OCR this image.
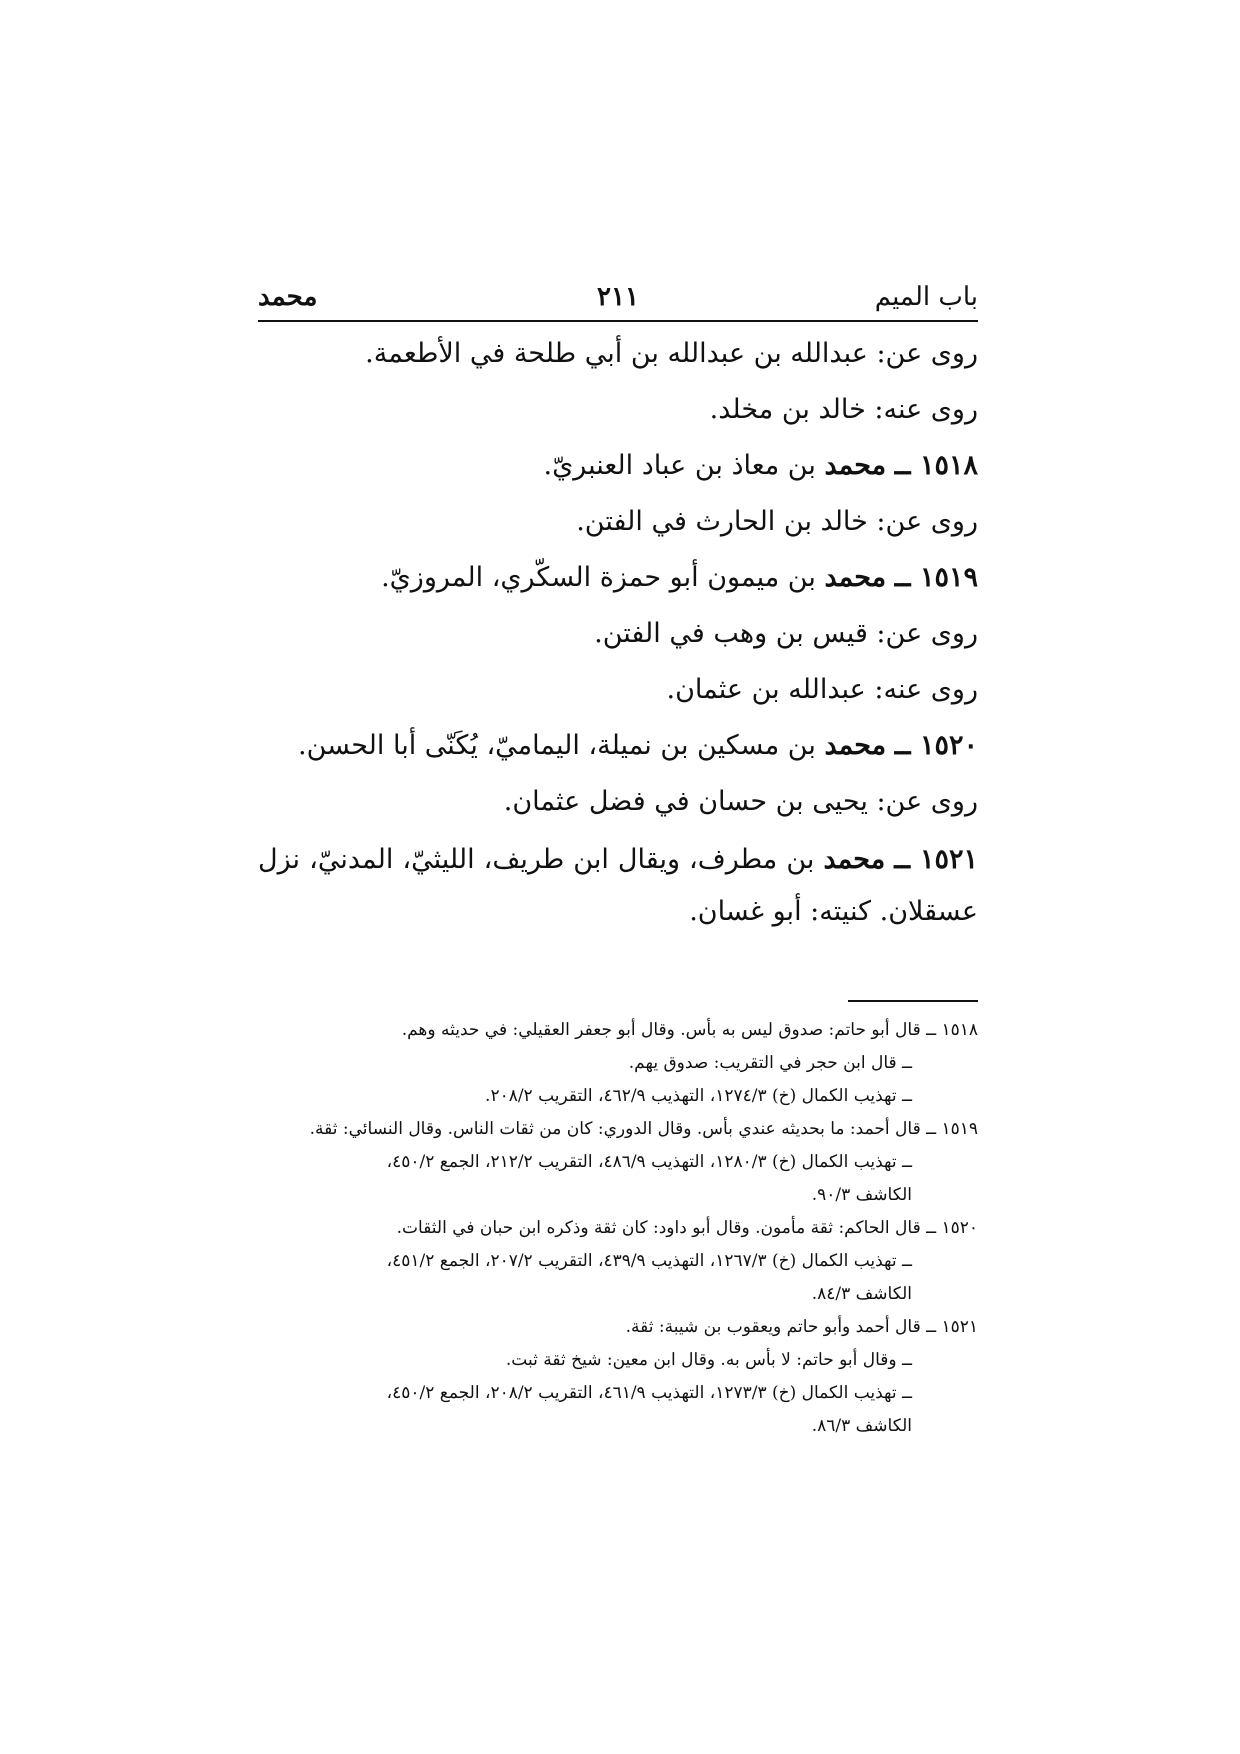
باب الميم
٢١١
محمد
روى عن: عبدالله بن عبدالله بن أبي طلحة في الأطعمة.
روى عنه: خالد بن مخلد.
١٥١٨ ــ محمد بن معاذ بن عباد العنبريّ.
روى عن: خالد بن الحارث في الفتن.
١٥١٩ ــ محمد بن ميمون أبو حمزة السكّري، المروزيّ.
روى عن: قيس بن وهب في الفتن.
روى عنه: عبدالله بن عثمان.
١٥٢٠ ــ محمد بن مسكين بن نميلة، اليماميّ، يُكَنّى أبا الحسن.
روى عن: يحيى بن حسان في فضل عثمان.
١٥٢١ ــ محمد بن مطرف، ويقال ابن طريف، الليثيّ، المدنيّ، نزل عسقلان. كنيته: أبو غسان.
١٥١٨ ــ قال أبو حاتم: صدوق ليس به بأس. وقال أبو جعفر العقيلي: في حديثه وهم.
ــ قال ابن حجر في التقريب: صدوق يهم.
ــ تهذيب الكمال (خ) ١٢٧٤/٣، التهذيب ٤٦٢/٩، التقريب ٢٠٨/٢.
١٥١٩ ــ قال أحمد: ما بحديثه عندي بأس. وقال الدوري: كان من ثقات الناس. وقال النسائي: ثقة.
ــ تهذيب الكمال (خ) ١٢٨٠/٣، التهذيب ٤٨٦/٩، التقريب ٢١٢/٢، الجمع ٤٥٠/٢،
الكاشف ٩٠/٣.
١٥٢٠ ــ قال الحاكم: ثقة مأمون. وقال أبو داود: كان ثقة وذكره ابن حبان في الثقات.
ــ تهذيب الكمال (خ) ١٢٦٧/٣، التهذيب ٤٣٩/٩، التقريب ٢٠٧/٢، الجمع ٤٥١/٢،
الكاشف ٨٤/٣.
١٥٢١ ــ قال أحمد وأبو حاتم ويعقوب بن شيبة: ثقة.
ــ وقال أبو حاتم: لا بأس به. وقال ابن معين: شيخ ثقة ثبت.
ــ تهذيب الكمال (خ) ١٢٧٣/٣، التهذيب ٤٦١/٩، التقريب ٢٠٨/٢، الجمع ٤٥٠/٢،
الكاشف ٨٦/٣.
